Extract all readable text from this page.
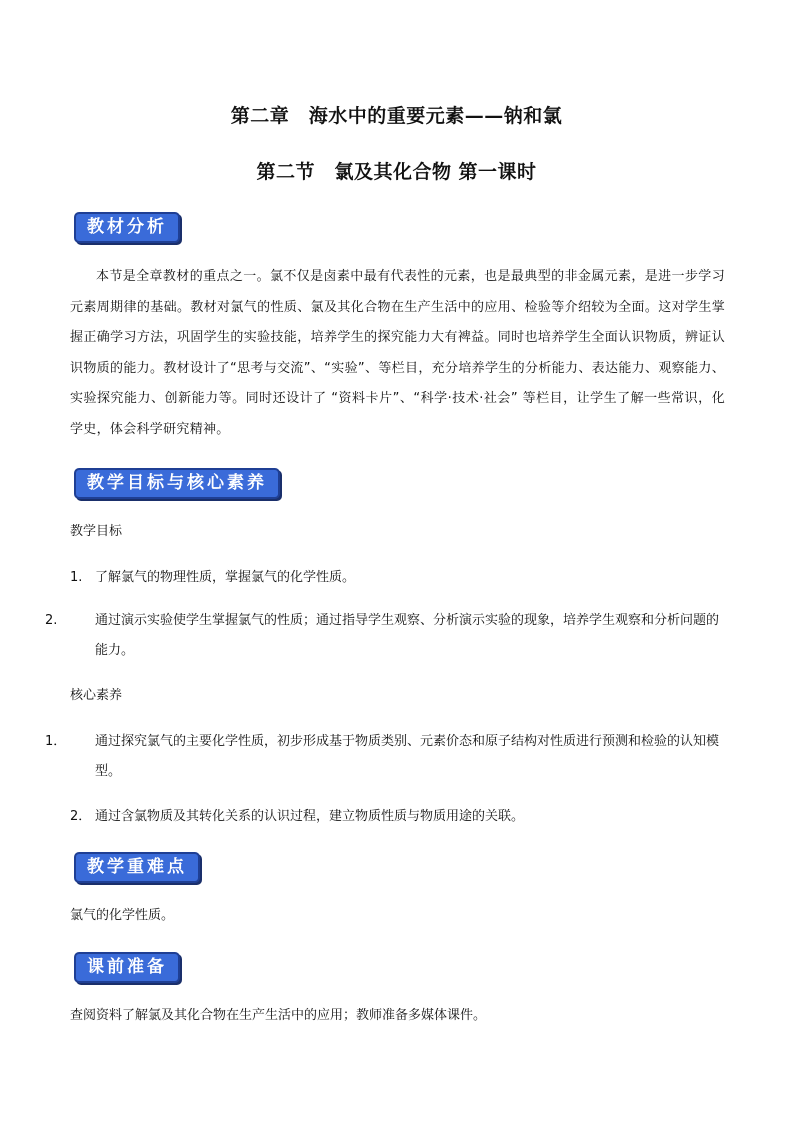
第二章　海水中的重要元素——钠和氯
第二节　氯及其化合物 第一课时
教材分析
本节是全章教材的重点之一。氯不仅是卤素中最有代表性的元素，也是最典型的非金属元素，是进一步学习元素周期律的基础。教材对氯气的性质、氯及其化合物在生产生活中的应用、检验等介绍较为全面。这对学生掌握正确学习方法，巩固学生的实验技能，培养学生的探究能力大有裨益。同时也培养学生全面认识物质，辨证认识物质的能力。教材设计了“思考与交流”、“实验”、等栏目，充分培养学生的分析能力、表达能力、观察能力、实验探究能力、创新能力等。同时还设计了 “资料卡片”、“科学·技术·社会” 等栏目，让学生了解一些常识，化学史，体会科学研究精神。
教学目标与核心素养
教学目标
1. 了解氯气的物理性质，掌握氯气的化学性质。
2.	通过演示实验使学生掌握氯气的性质；通过指导学生观察、分析演示实验的现象，培养学生观察和分析问题的能力。
核心素养
1． 通过探究氯气的主要化学性质，初步形成基于物质类别、元素价态和原子结构对性质进行预测和检验的认知模型。
2． 通过含氯物质及其转化关系的认识过程，建立物质性质与物质用途的关联。
教学重难点
氯气的化学性质。
课前准备
查阅资料了解氯及其化合物在生产生活中的应用；教师准备多媒体课件。
